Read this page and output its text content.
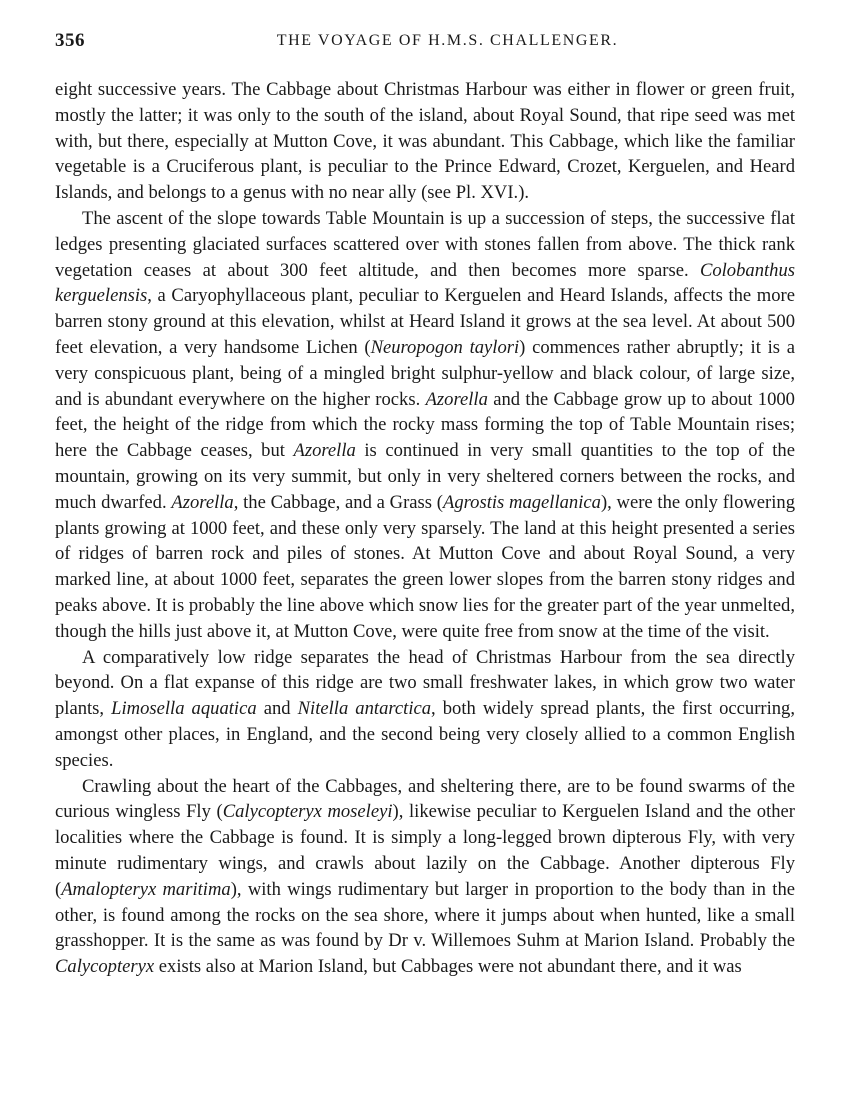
356	THE VOYAGE OF H.M.S. CHALLENGER.

eight successive years. The Cabbage about Christmas Harbour was either in flower or green fruit, mostly the latter; it was only to the south of the island, about Royal Sound, that ripe seed was met with, but there, especially at Mutton Cove, it was abundant. This Cabbage, which like the familiar vegetable is a Cruciferous plant, is peculiar to the Prince Edward, Crozet, Kerguelen, and Heard Islands, and belongs to a genus with no near ally (see Pl. XVI.).

The ascent of the slope towards Table Mountain is up a succession of steps, the successive flat ledges presenting glaciated surfaces scattered over with stones fallen from above. The thick rank vegetation ceases at about 300 feet altitude, and then becomes more sparse. Colobanthus kerguelensis, a Caryophyllaceous plant, peculiar to Kerguelen and Heard Islands, affects the more barren stony ground at this elevation, whilst at Heard Island it grows at the sea level. At about 500 feet elevation, a very handsome Lichen (Neuropogon taylori) commences rather abruptly; it is a very conspicuous plant, being of a mingled bright sulphur-yellow and black colour, of large size, and is abundant everywhere on the higher rocks. Azorella and the Cabbage grow up to about 1000 feet, the height of the ridge from which the rocky mass forming the top of Table Mountain rises; here the Cabbage ceases, but Azorella is continued in very small quantities to the top of the mountain, growing on its very summit, but only in very sheltered corners between the rocks, and much dwarfed. Azorella, the Cabbage, and a Grass (Agrostis magellanica), were the only flowering plants growing at 1000 feet, and these only very sparsely. The land at this height presented a series of ridges of barren rock and piles of stones. At Mutton Cove and about Royal Sound, a very marked line, at about 1000 feet, separates the green lower slopes from the barren stony ridges and peaks above. It is probably the line above which snow lies for the greater part of the year unmelted, though the hills just above it, at Mutton Cove, were quite free from snow at the time of the visit.

A comparatively low ridge separates the head of Christmas Harbour from the sea directly beyond. On a flat expanse of this ridge are two small freshwater lakes, in which grow two water plants, Limosella aquatica and Nitella antarctica, both widely spread plants, the first occurring, amongst other places, in England, and the second being very closely allied to a common English species.

Crawling about the heart of the Cabbages, and sheltering there, are to be found swarms of the curious wingless Fly (Calycopteryx moseleyi), likewise peculiar to Kerguelen Island and the other localities where the Cabbage is found. It is simply a long-legged brown dipterous Fly, with very minute rudimentary wings, and crawls about lazily on the Cabbage. Another dipterous Fly (Amalopteryx maritima), with wings rudimentary but larger in proportion to the body than in the other, is found among the rocks on the sea shore, where it jumps about when hunted, like a small grasshopper. It is the same as was found by Dr v. Willemoes Suhm at Marion Island. Probably the Calycopteryx exists also at Marion Island, but Cabbages were not abundant there, and it was
